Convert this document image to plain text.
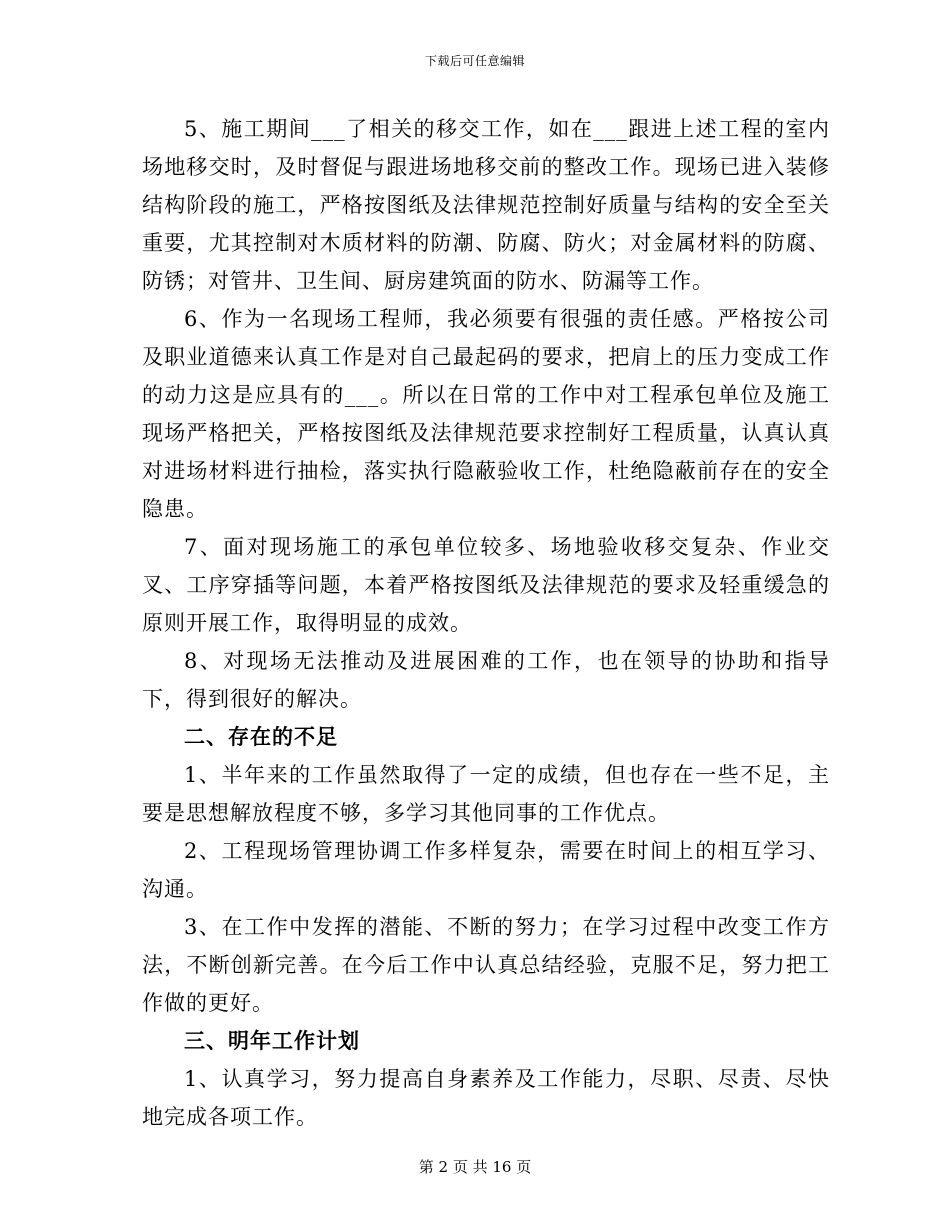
下载后可任意编辑

5、施工期间___了相关的移交工作，如在___跟进上述工程的室内场地移交时，及时督促与跟进场地移交前的整改工作。现场已进入装修结构阶段的施工，严格按图纸及法律规范控制好质量与结构的安全至关重要，尤其控制对木质材料的防潮、防腐、防火；对金属材料的防腐、防锈；对管井、卫生间、厨房建筑面的防水、防漏等工作。

6、作为一名现场工程师，我必须要有很强的责任感。严格按公司及职业道德来认真工作是对自己最起码的要求，把肩上的压力变成工作的动力这是应具有的___。所以在日常的工作中对工程承包单位及施工现场严格把关，严格按图纸及法律规范要求控制好工程质量，认真认真对进场材料进行抽检，落实执行隐蔽验收工作，杜绝隐蔽前存在的安全隐患。

7、面对现场施工的承包单位较多、场地验收移交复杂、作业交叉、工序穿插等问题，本着严格按图纸及法律规范的要求及轻重缓急的原则开展工作，取得明显的成效。

8、对现场无法推动及进展困难的工作，也在领导的协助和指导下，得到很好的解决。

二、存在的不足

1、半年来的工作虽然取得了一定的成绩，但也存在一些不足，主要是思想解放程度不够，多学习其他同事的工作优点。

2、工程现场管理协调工作多样复杂，需要在时间上的相互学习、沟通。

3、在工作中发挥的潜能、不断的努力；在学习过程中改变工作方法，不断创新完善。在今后工作中认真总结经验，克服不足，努力把工作做的更好。

三、明年工作计划

1、认真学习，努力提高自身素养及工作能力，尽职、尽责、尽快地完成各项工作。

第 2 页 共 16 页
